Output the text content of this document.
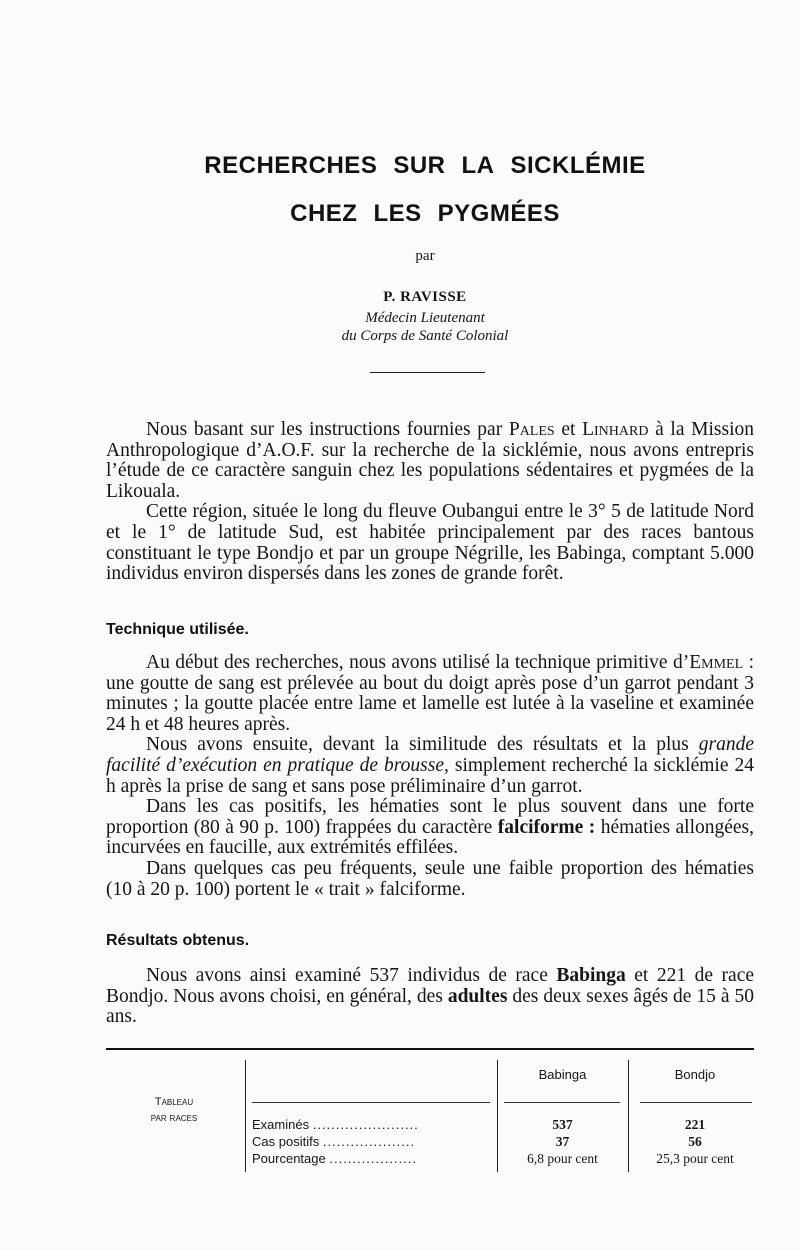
RECHERCHES SUR LA SICKLÉMIE
CHEZ LES PYGMÉES
par
P. RAVISSE
Médecin Lieutenant
du Corps de Santé Colonial

Nous basant sur les instructions fournies par Pales et Linhard à la Mission Anthropologique d’A.O.F. sur la recherche de la sicklémie, nous avons entrepris l’étude de ce caractère sanguin chez les populations sédentaires et pygmées de la Likouala.

Cette région, située le long du fleuve Oubangui entre le 3° 5 de latitude Nord et le 1° de latitude Sud, est habitée principalement par des races bantous constituant le type Bondjo et par un groupe Négrille, les Babinga, comptant 5.000 individus environ dispersés dans les zones de grande forêt.

Technique utilisée.

Au début des recherches, nous avons utilisé la technique primitive d’Emmel : une goutte de sang est prélevée au bout du doigt après pose d’un garrot pendant 3 minutes ; la goutte placée entre lame et lamelle est lutée à la vaseline et examinée 24 h et 48 heures après.

Nous avons ensuite, devant la similitude des résultats et la plus grande facilité d’exécution en pratique de brousse, simplement recherché la sicklémie 24 h après la prise de sang et sans pose préliminaire d’un garrot.

Dans les cas positifs, les hématies sont le plus souvent dans une forte proportion (80 à 90 p. 100) frappées du caractère falciforme : hématies allongées, incurvées en faucille, aux extrémités effilées.

Dans quelques cas peu fréquents, seule une faible proportion des hématies (10 à 20 p. 100) portent le « trait » falciforme.

Résultats obtenus.

Nous avons ainsi examiné 537 individus de race Babinga et 221 de race Bondjo. Nous avons choisi, en général, des adultes des deux sexes âgés de 15 à 50 ans.

Tableau
par races
Babinga	Bondjo
Examinés .......................
Cas positifs ....................
Pourcentage ...................
537
37
6,8 pour cent
221
56
25,3 pour cent
